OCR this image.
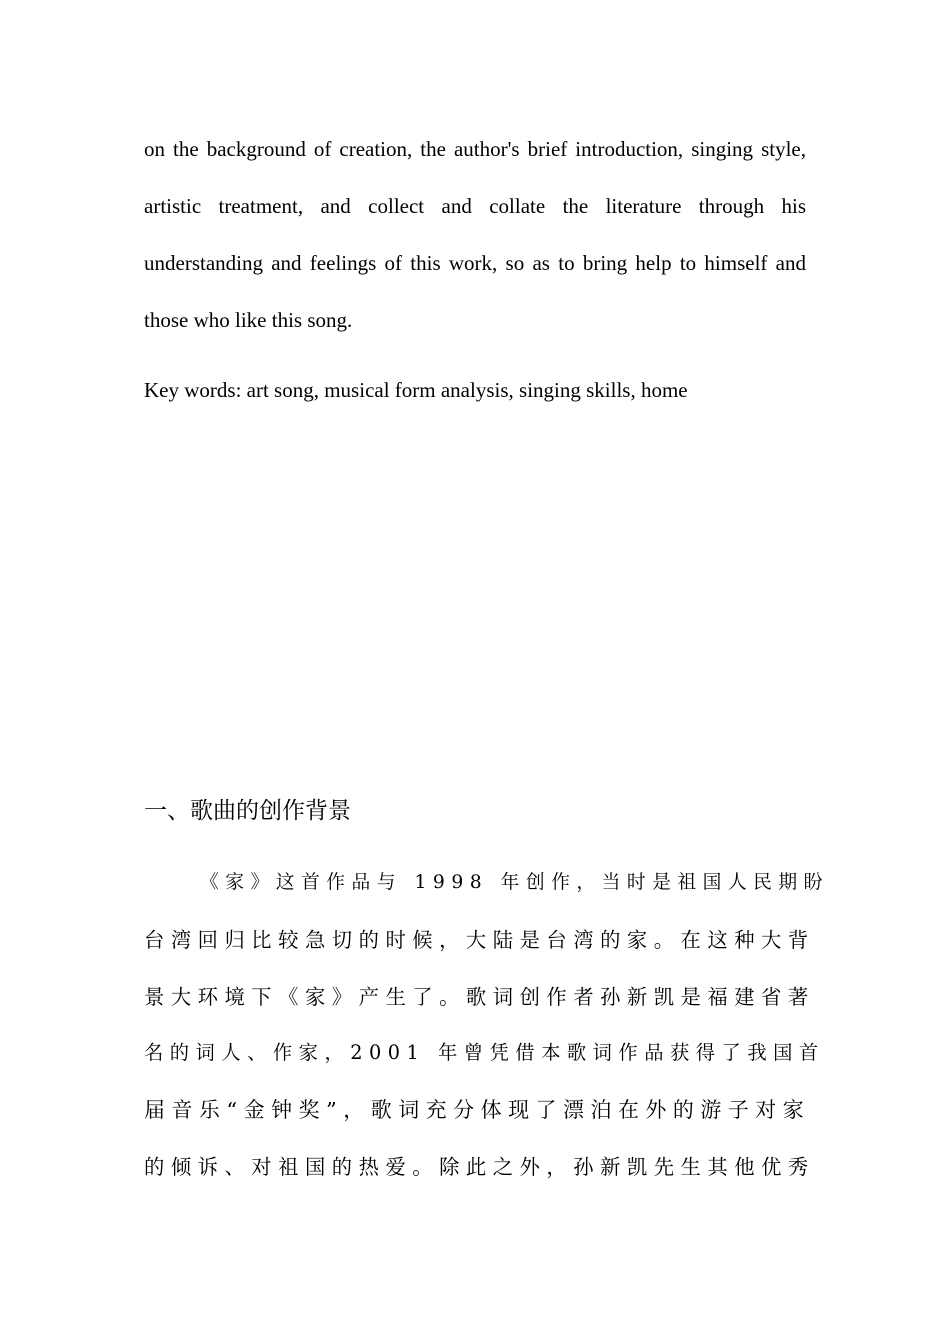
on the background of creation, the author's brief introduction, singing style, artistic treatment, and collect and collate the literature through his understanding and feelings of this work, so as to bring help to himself and those who like this song.

Key words: art song, musical form analysis, singing skills, home

一、歌曲的创作背景
《家》这首作品与 1998 年创作，当时是祖国人民期盼
台湾回归比较急切的时候，大陆是台湾的家。在这种大背
景大环境下《家》产生了。歌词创作者孙新凯是福建省著
名的词人、作家，2001 年曾凭借本歌词作品获得了我国首
届音乐“金钟奖”，歌词充分体现了漂泊在外的游子对家
的倾诉、对祖国的热爱。除此之外，孙新凯先生其他优秀
